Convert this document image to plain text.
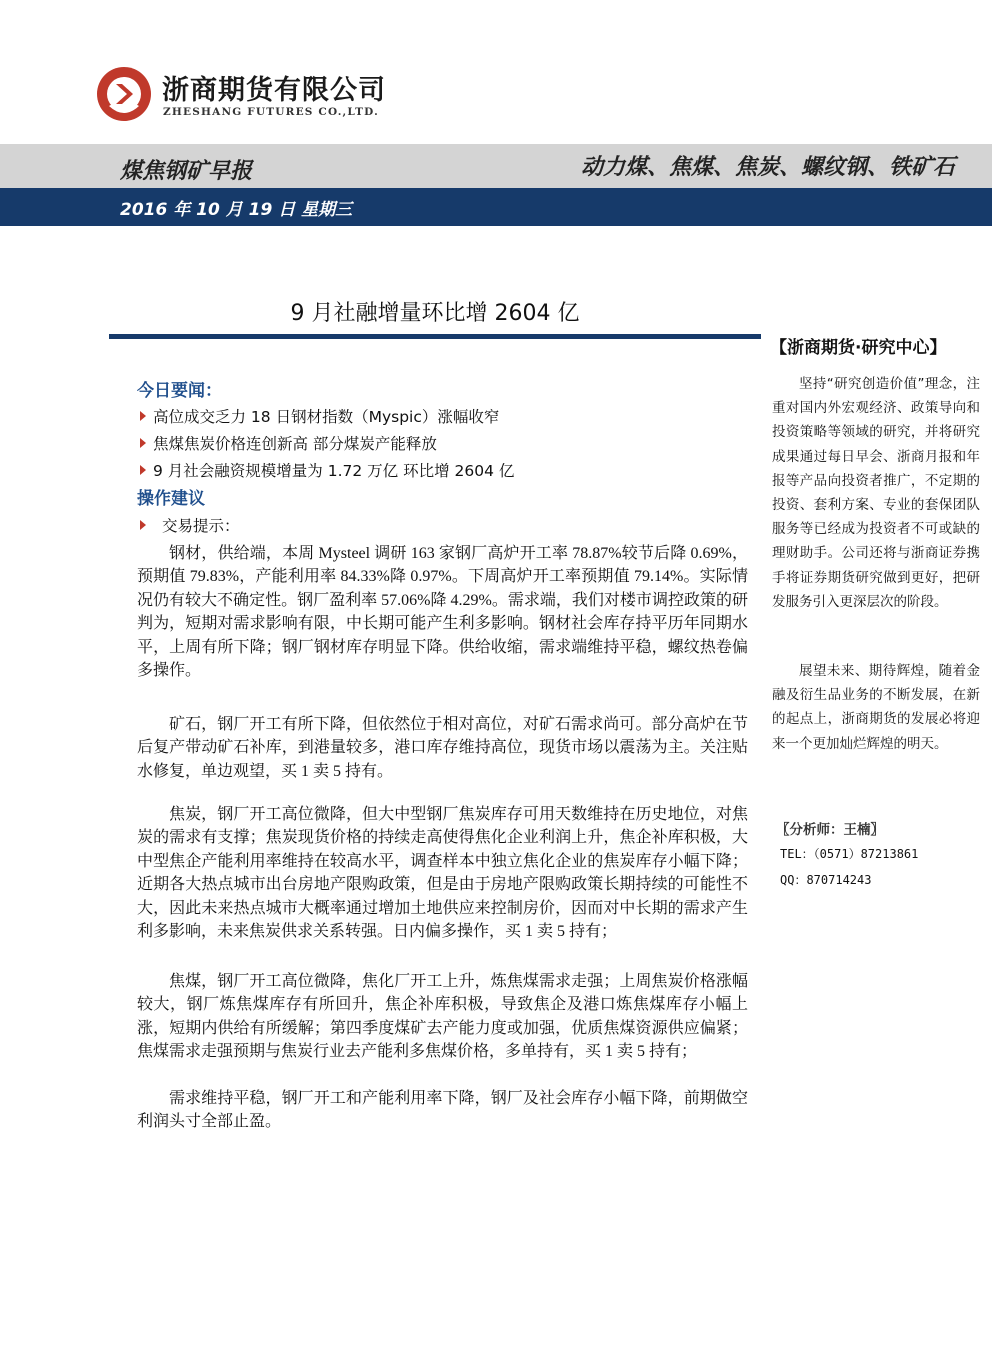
浙商期货有限公司
ZHESHANG FUTURES CO.,LTD.
煤焦钢矿早报	动力煤、焦煤、焦炭、螺纹钢、铁矿石
2016 年 10 月 19 日 星期三
9 月社融增量环比增 2604 亿
【浙商期货·研究中心】

坚持“研究创造价值”理念，注重对国内外宏观经济、政策导向和投资策略等领域的研究，并将研究成果通过每日早会、浙商月报和年报等产品向投资者推广，不定期的投资、套利方案、专业的套保团队服务等已经成为投资者不可或缺的理财助手。公司还将与浙商证券携手将证券期货研究做到更好，把研发服务引入更深层次的阶段。

展望未来、期待辉煌，随着金融及衍生品业务的不断发展，在新的起点上，浙商期货的发展必将迎来一个更加灿烂辉煌的明天。

〖分析师：王楠〗
TEL：（0571）87213861
QQ：870714243
今日要闻：
高位成交乏力 18 日钢材指数（Myspic）涨幅收窄
焦煤焦炭价格连创新高 部分煤炭产能释放
9 月社会融资规模增量为 1.72 万亿 环比增 2604 亿
操作建议
交易提示：

钢材，供给端，本周 Mysteel 调研 163 家钢厂高炉开工率 78.87%较节后降 0.69%，预期值 79.83%，产能利用率 84.33%降 0.97%。下周高炉开工率预期值 79.14%。实际情况仍有较大不确定性。钢厂盈利率 57.06%降 4.29%。需求端，我们对楼市调控政策的研判为，短期对需求影响有限，中长期可能产生利多影响。钢材社会库存持平历年同期水平，上周有所下降；钢厂钢材库存明显下降。供给收缩，需求端维持平稳，螺纹热卷偏多操作。

矿石，钢厂开工有所下降，但依然位于相对高位，对矿石需求尚可。部分高炉在节后复产带动矿石补库，到港量较多，港口库存维持高位，现货市场以震荡为主。关注贴水修复，单边观望，买 1 卖 5 持有。

焦炭，钢厂开工高位微降，但大中型钢厂焦炭库存可用天数维持在历史地位，对焦炭的需求有支撑；焦炭现货价格的持续走高使得焦化企业利润上升，焦企补库积极，大中型焦企产能利用率维持在较高水平，调查样本中独立焦化企业的焦炭库存小幅下降；近期各大热点城市出台房地产限购政策，但是由于房地产限购政策长期持续的可能性不大，因此未来热点城市大概率通过增加土地供应来控制房价，因而对中长期的需求产生利多影响，未来焦炭供求关系转强。日内偏多操作，买 1 卖 5 持有；

焦煤，钢厂开工高位微降，焦化厂开工上升，炼焦煤需求走强；上周焦炭价格涨幅较大，钢厂炼焦煤库存有所回升，焦企补库积极，导致焦企及港口炼焦煤库存小幅上涨，短期内供给有所缓解；第四季度煤矿去产能力度或加强，优质焦煤资源供应偏紧；焦煤需求走强预期与焦炭行业去产能利多焦煤价格，多单持有，买 1 卖 5 持有；

需求维持平稳，钢厂开工和产能利用率下降，钢厂及社会库存小幅下降，前期做空利润头寸全部止盈。
